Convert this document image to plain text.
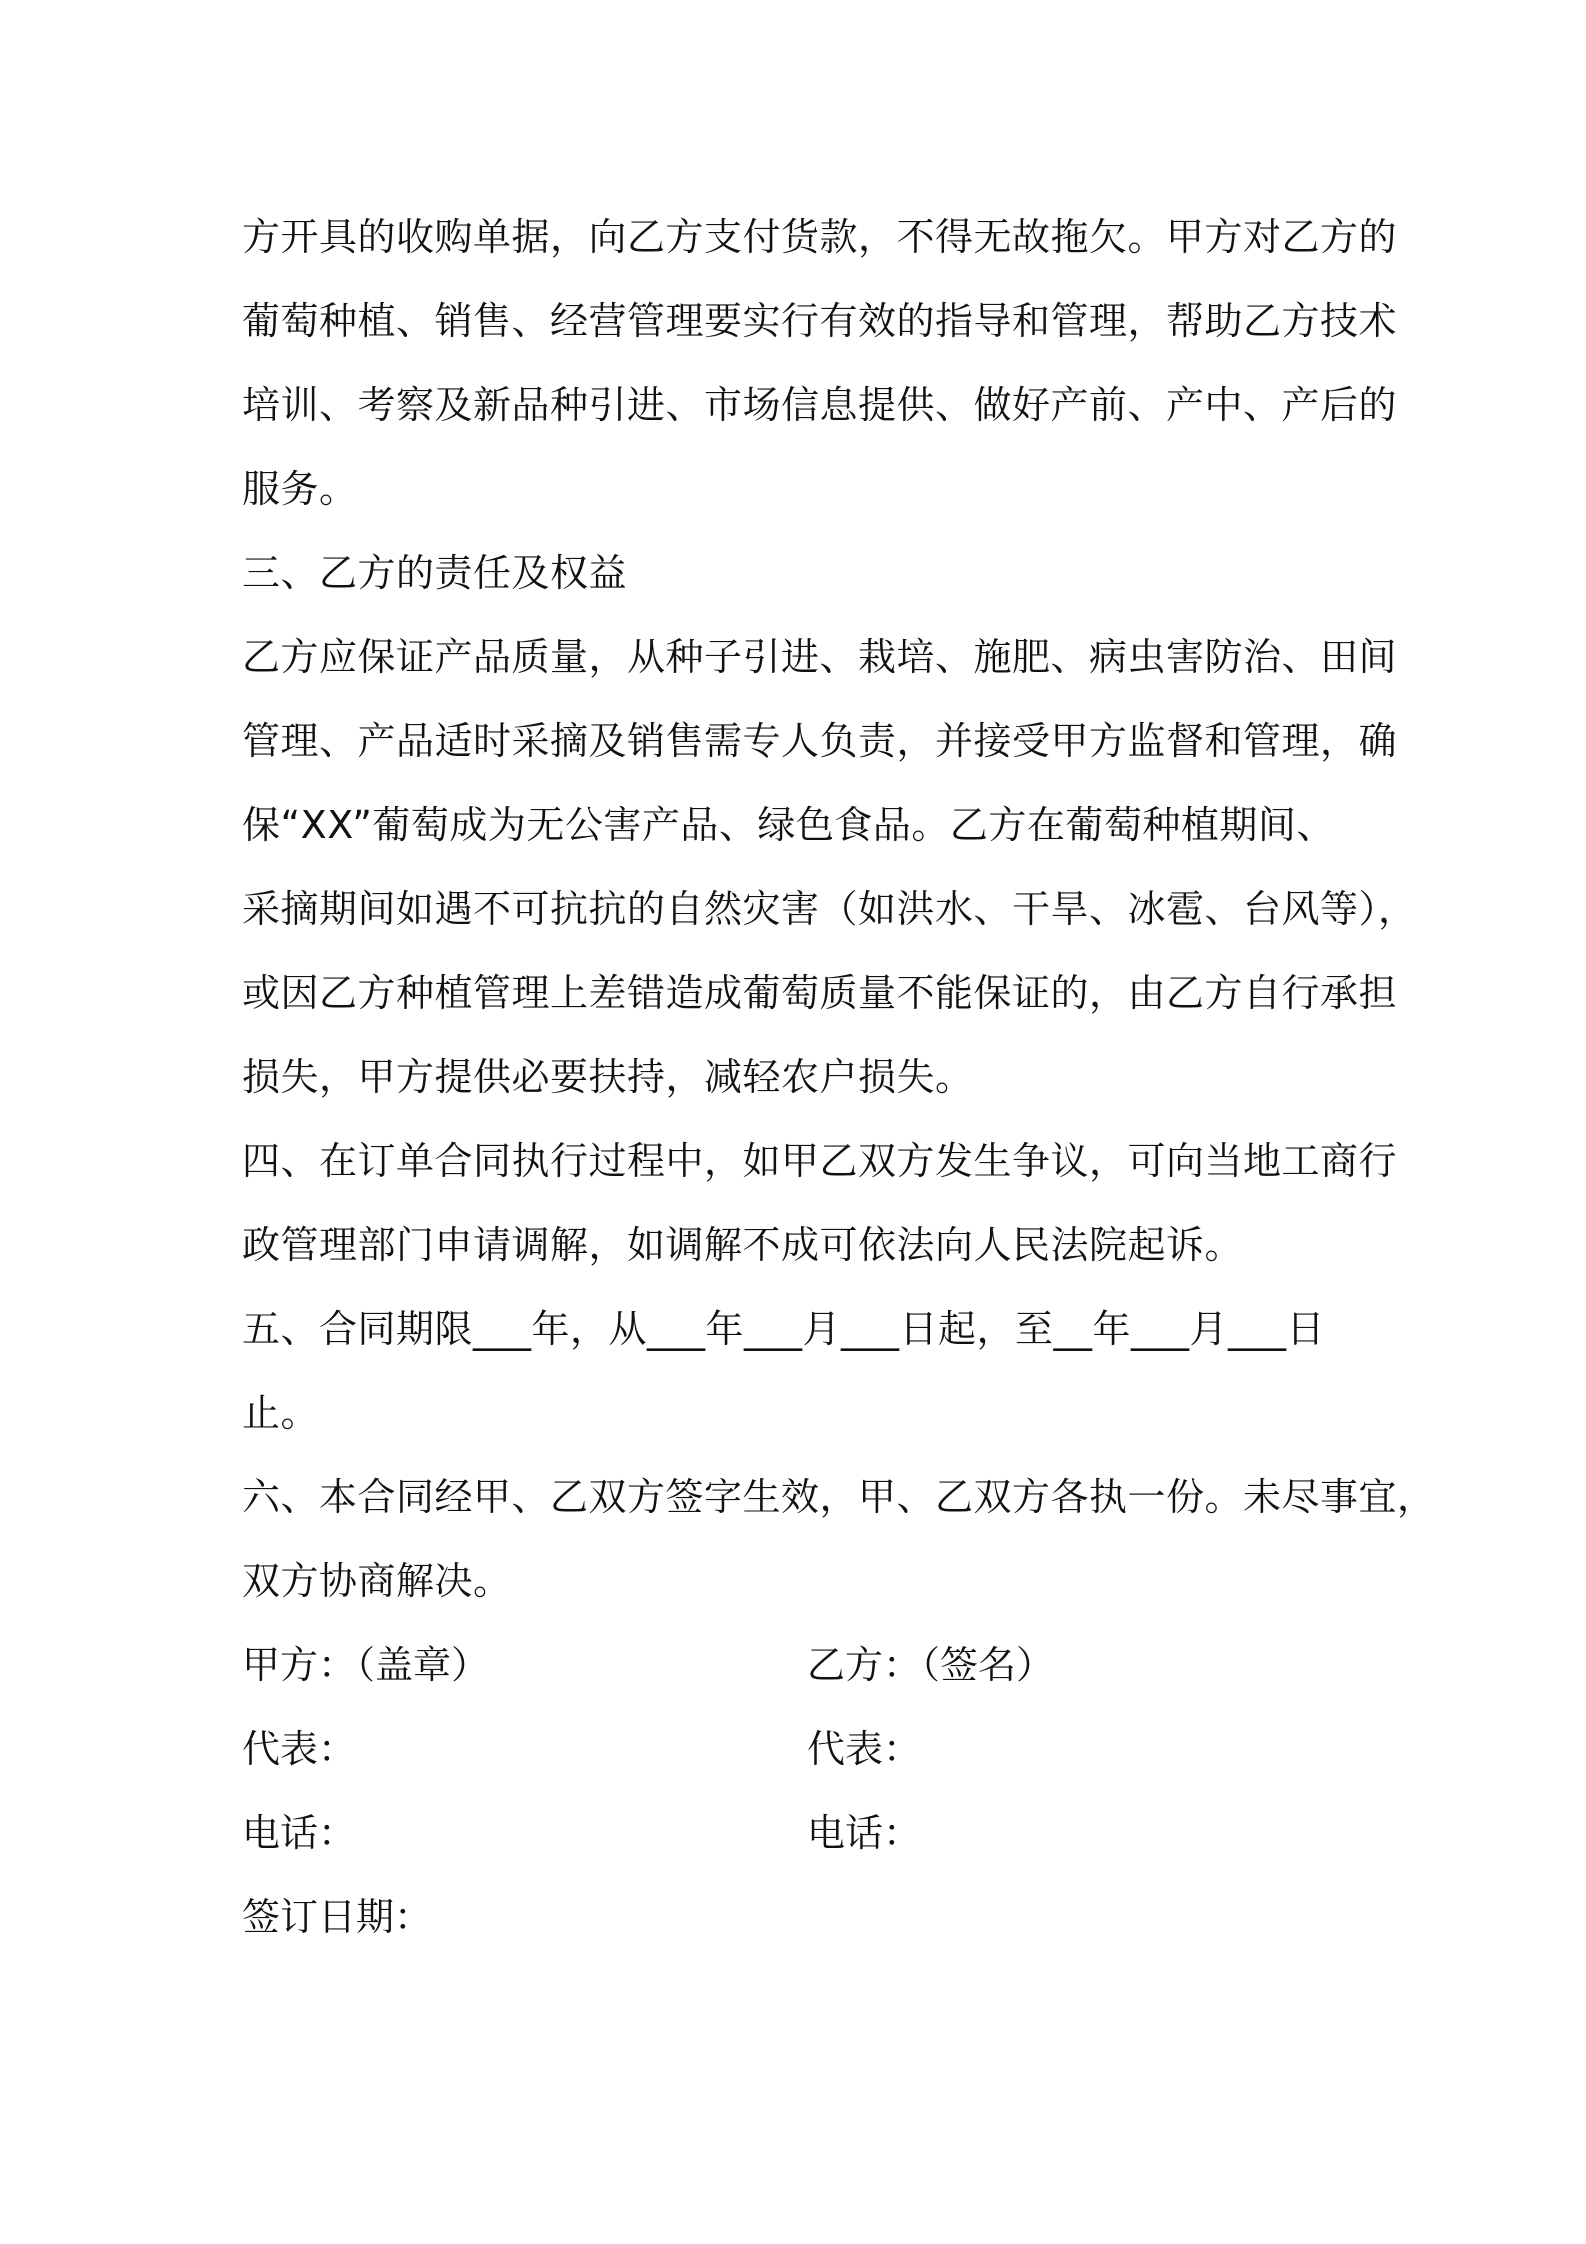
方开具的收购单据，向乙方支付货款，不得无故拖欠。甲方对乙方的
葡萄种植、销售、经营管理要实行有效的指导和管理，帮助乙方技术
培训、考察及新品种引进、市场信息提供、做好产前、产中、产后的
服务。
三、乙方的责任及权益
乙方应保证产品质量，从种子引进、栽培、施肥、病虫害防治、田间
管理、产品适时采摘及销售需专人负责，并接受甲方监督和管理，确
保“XX”葡萄成为无公害产品、绿色食品。乙方在葡萄种植期间、
采摘期间如遇不可抗抗的自然灾害（如洪水、干旱、冰雹、台风等），
或因乙方种植管理上差错造成葡萄质量不能保证的，由乙方自行承担
损失，甲方提供必要扶持，减轻农户损失。
四、在订单合同执行过程中，如甲乙双方发生争议，可向当地工商行
政管理部门申请调解，如调解不成可依法向人民法院起诉。
五、合同期限___年，从___年___月___日起，至__年___月___日
止。
六、本合同经甲、乙双方签字生效，甲、乙双方各执一份。未尽事宜，
双方协商解决。
甲方：（盖章）	乙方：（签名）
代表：	代表：
电话：	电话：
签订日期：
